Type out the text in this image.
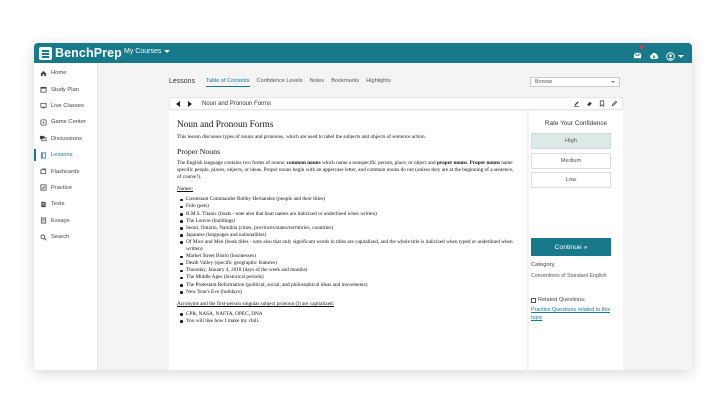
BenchPrep My Courses
Home
Study Plan
Live Classes
Game Center
Discussions
Lessons
Flashcards
Practice
Tests
Essays
Search
Lessons Table of Contents Confidence Levels Notes Bookmarks Highlights	Browse
Noun and Pronoun Forms
Noun and Pronoun Forms

This lesson discusses types of nouns and pronouns, which are used to label the subjects and objects of sentence action.

Proper Nouns

The English language contains two forms of nouns: common nouns which name a nonspecific person, place, or object and proper nouns. Proper nouns name specific people, places, objects, or ideas. Proper nouns begin with an uppercase letter, and common nouns do not (unless they are at the beginning of a sentence, of course!).

Names:
Lieutenant Commander Bobby Hernandez (people and their titles)
Fido (pets)
R.M.S. Titanic (boats - note also that boat names are italicized or underlined when written)
The Louvre (buildings)
Seoul, Ontario, Namibia (cities, provinces/states/territories, countries)
Japanese (languages and nationalities)
Of Mice and Men (book titles - note also that only significant words in titles are capitalized, and the whole title is italicized when typed or underlined when written)
Market Street Bistro (businesses)
Death Valley (specific geographic features)
Thursday, January 4, 2018 (days of the week and months)
The Middle Ages (historical periods)
The Protestant Reformation (political, social, and philosophical ideas and movements)
New Year's Eve (holidays)
Acronyms and the first-person singular subject pronoun (I) are capitalized:
CPR, NASA, NAFTA, OPEC, DNA
You will like how I make my chili.
Rate Your Confidence
High
Medium
Low
Continue »
Category
Conventions of Standard English
Related Questions:
Practice Questions related to this topic
